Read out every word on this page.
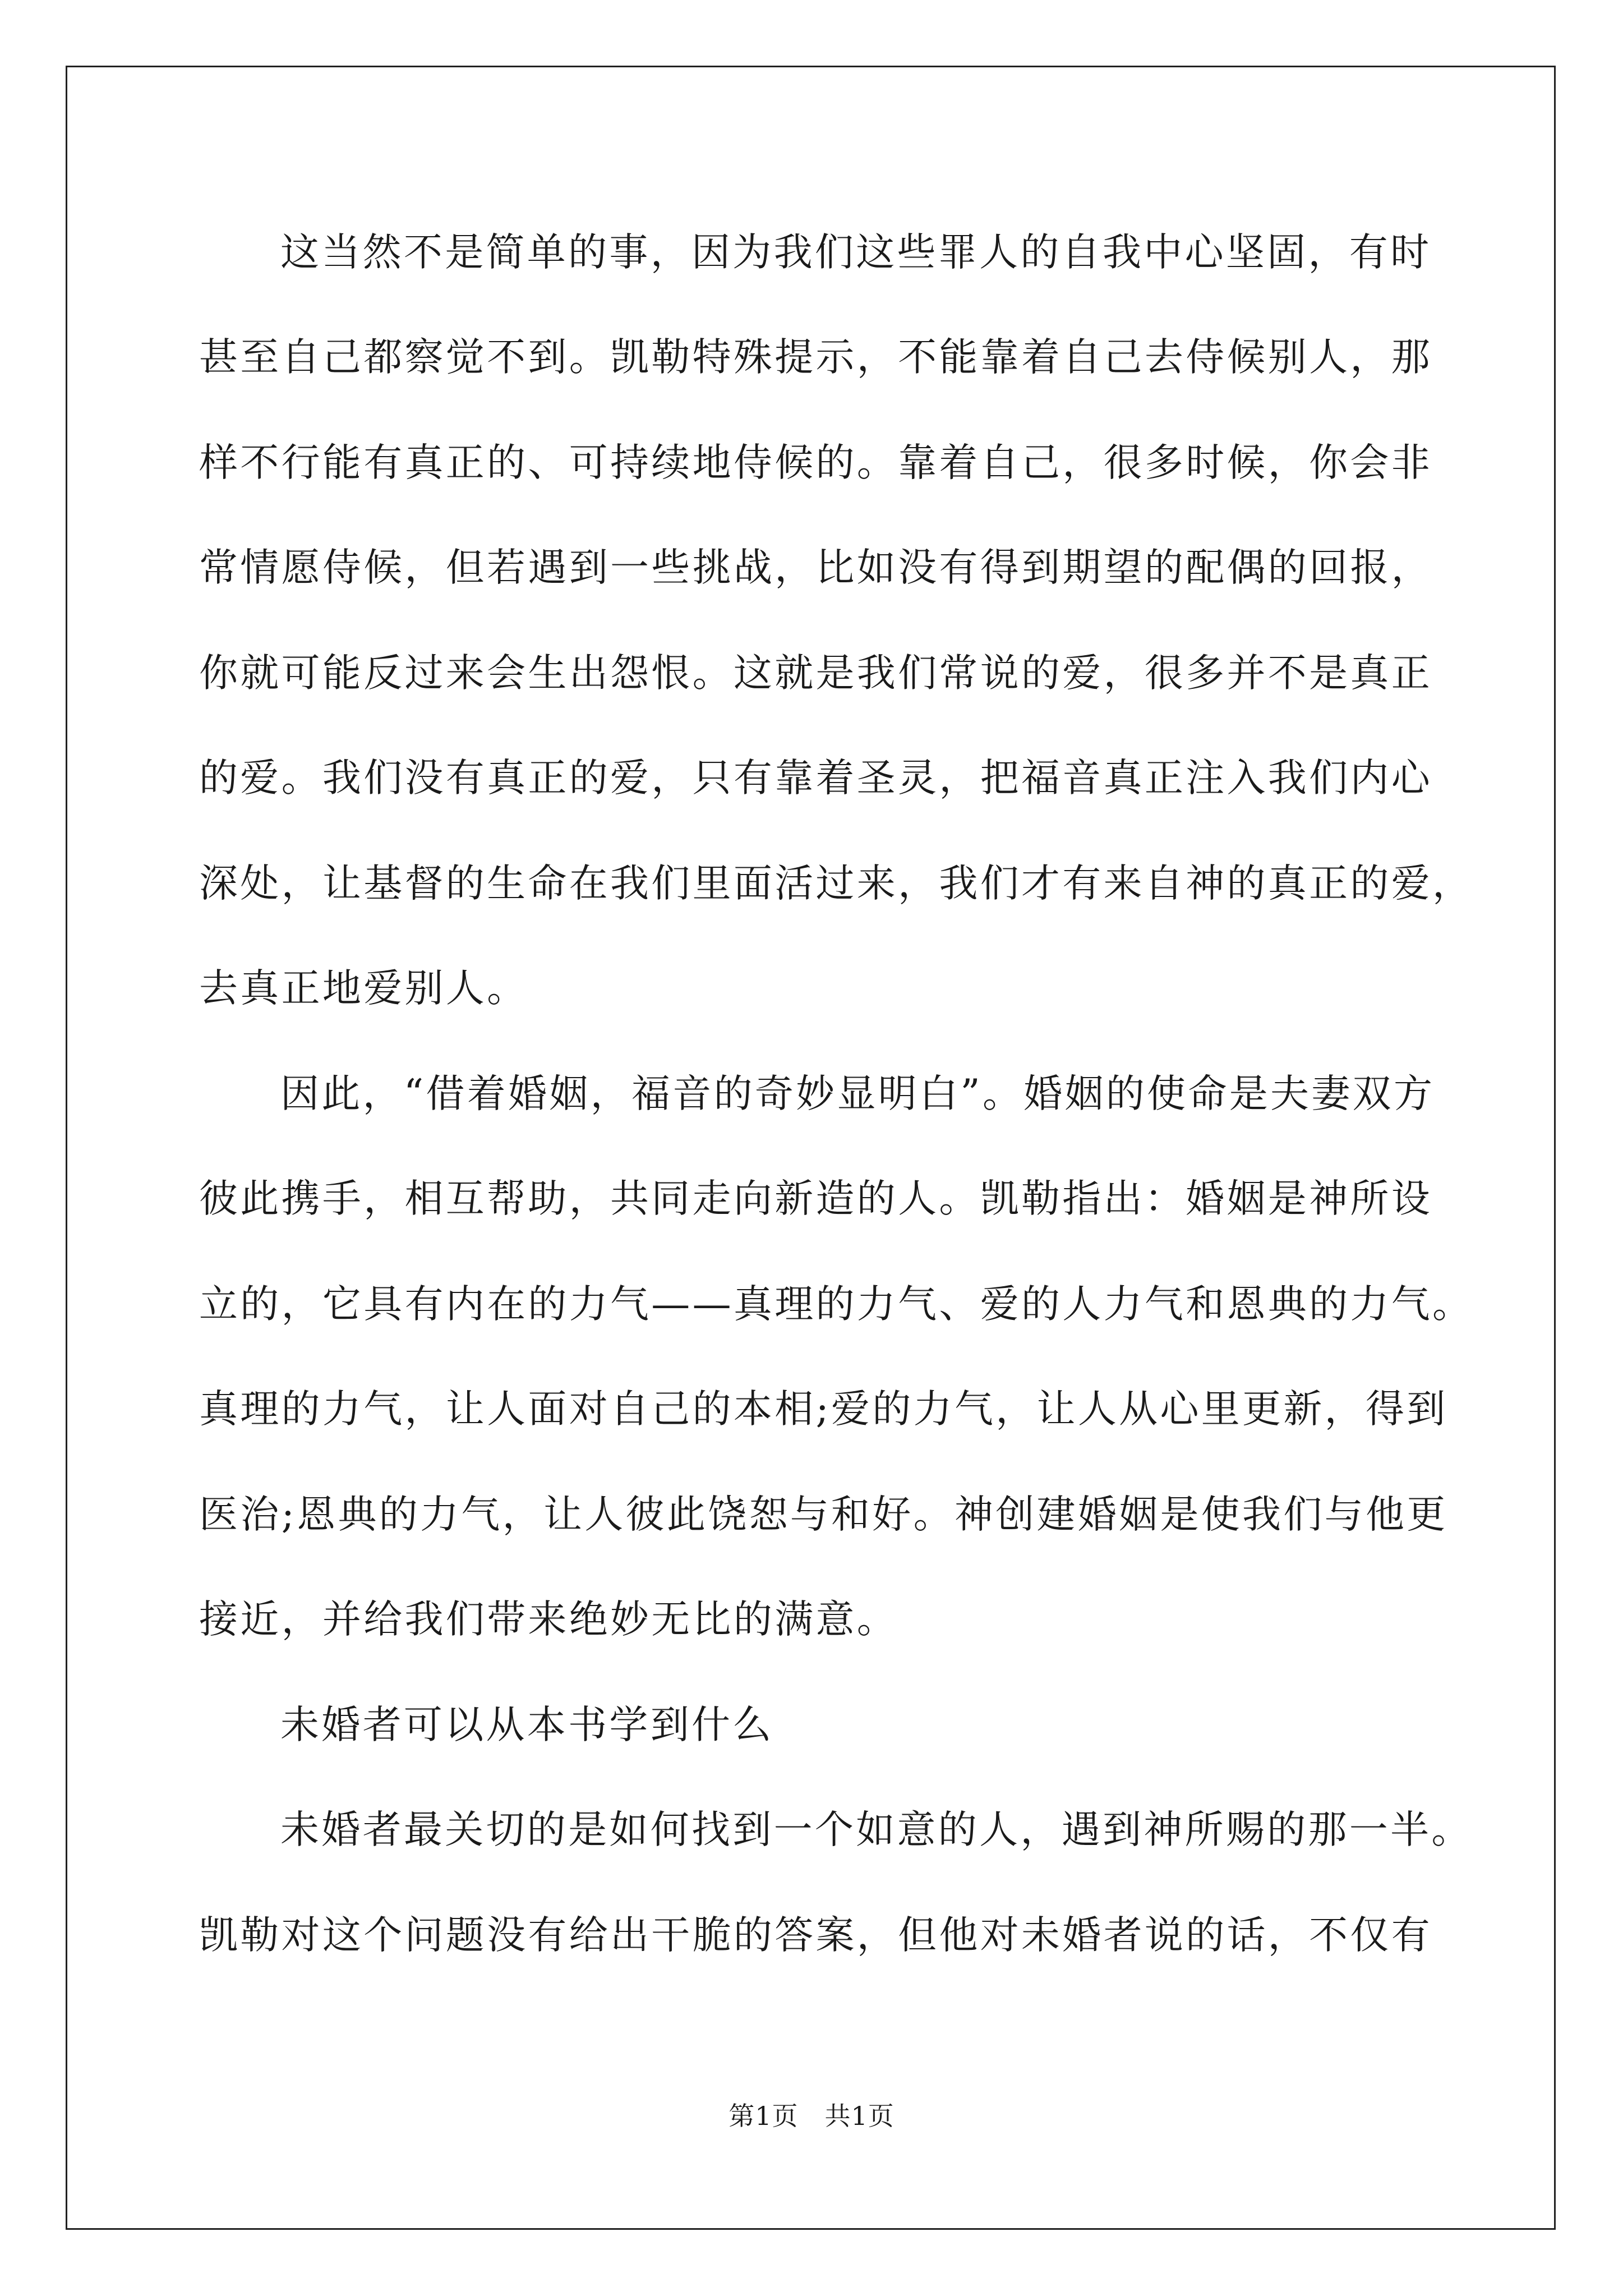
这当然不是简单的事，因为我们这些罪人的自我中心坚固，有时
甚至自己都察觉不到。凯勒特殊提示，不能靠着自己去侍候别人，那
样不行能有真正的、可持续地侍候的。靠着自己，很多时候，你会非
常情愿侍候，但若遇到一些挑战，比如没有得到期望的配偶的回报，
你就可能反过来会生出怨恨。这就是我们常说的爱，很多并不是真正
的爱。我们没有真正的爱，只有靠着圣灵，把福音真正注入我们内心
深处，让基督的生命在我们里面活过来，我们才有来自神的真正的爱，
去真正地爱别人。
因此，“借着婚姻，福音的奇妙显明白”。婚姻的使命是夫妻双方
彼此携手，相互帮助，共同走向新造的人。凯勒指出：婚姻是神所设
立的，它具有内在的力气——真理的力气、爱的人力气和恩典的力气。
真理的力气，让人面对自己的本相;爱的力气，让人从心里更新，得到
医治;恩典的力气，让人彼此饶恕与和好。神创建婚姻是使我们与他更
接近，并给我们带来绝妙无比的满意。
未婚者可以从本书学到什么
未婚者最关切的是如何找到一个如意的人，遇到神所赐的那一半。
凯勒对这个问题没有给出干脆的答案，但他对未婚者说的话，不仅有
第1页　共1页
